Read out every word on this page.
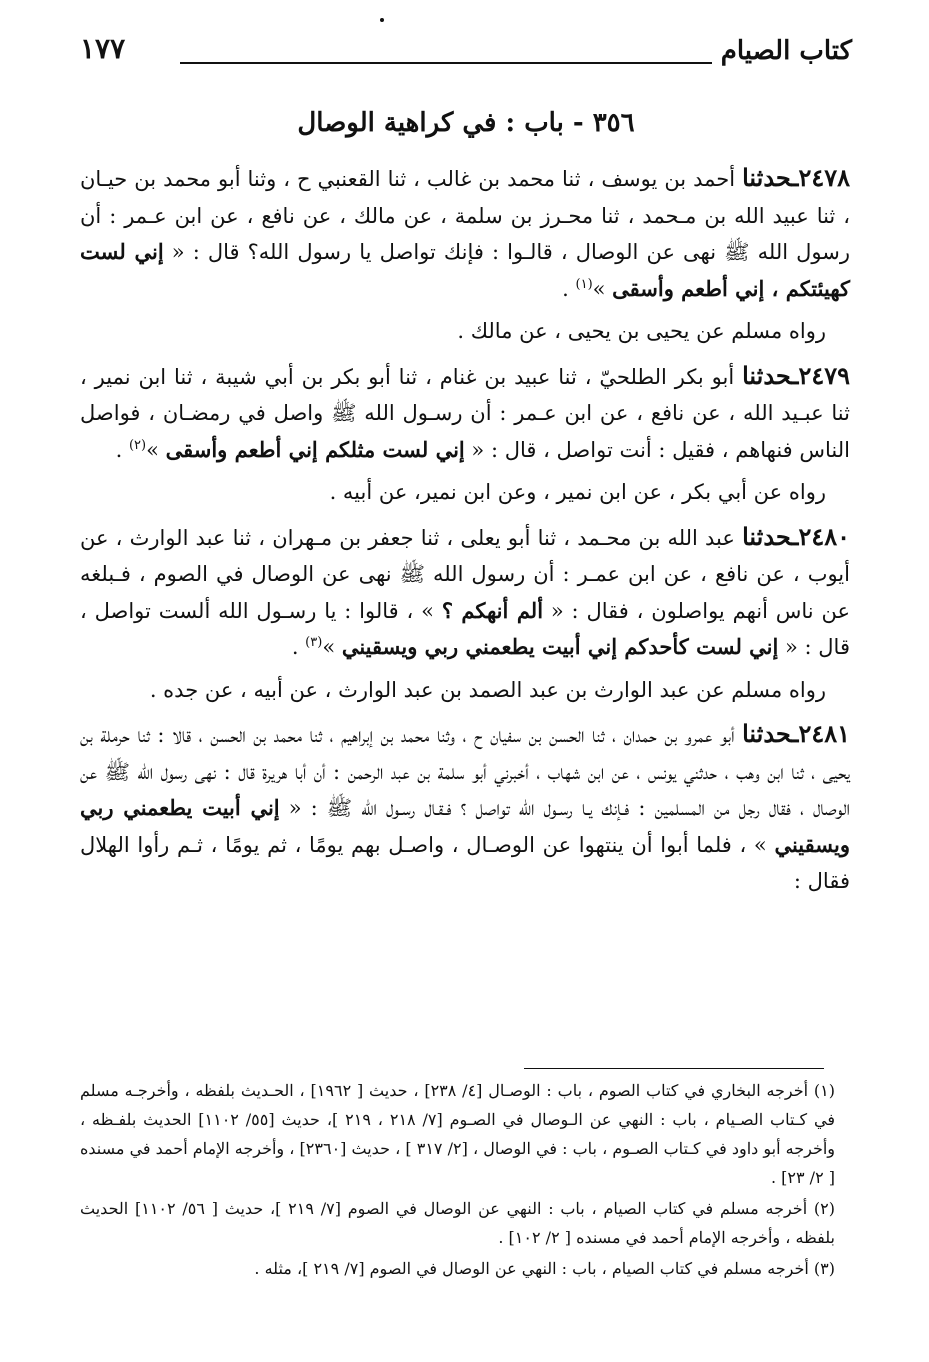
كتاب الصيام
١٧٧
٣٥٦ - باب : في كراهية الوصال

٢٤٧٨ـحدثنا أحمد بن يوسف ، ثنا محمد بن غالب ، ثنا القعنبي ح ، وثنا أبو محمد بن حيـان ، ثنا عبيد الله بن مـحمد ، ثنا محـرز بن سلمة ، عن مالك ، عن نافع ، عن ابن عـمر : أن رسول الله ﷺ نهى عن الوصال ، قالـوا : فإنك تواصل يا رسول الله؟ قال : « إني لست كهيئتكم ، إني أطعم وأسقى »$^{(١)}$ .

رواه مسلم عن يحيى بن يحيى ، عن مالك .

٢٤٧٩ـحدثنا أبو بكر الطلحيّ ، ثنا عبيد بن غنام ، ثنا أبو بكر بن أبي شيبة ، ثنا ابن نمير ، ثنا عبـيد الله ، عن نافع ، عن ابن عـمر : أن رسـول الله ﷺ واصل في رمضـان ، فواصل الناس فنهاهم ، فقيل : أنت تواصل ، قال : « إني لست مثلكم إني أطعم وأسقى »$^{(٢)}$ .

رواه عن أبي بكر ، عن ابن نمير ، وعن ابن نمير، عن أبيه .

٢٤٨٠ـحدثنا عبد الله بن محـمد ، ثنا أبو يعلى ، ثنا جعفر بن مـهران ، ثنا عبد الوارث ، عن أيوب ، عن نافع ، عن ابن عمـر : أن رسول الله ﷺ نهى عن الوصال في الصوم ، فـبلغه عن ناس أنهم يواصلون ، فقال : « ألم أنهكم ؟ » ، قالوا : يا رسـول الله ألست تواصل ، قال : « إني لست كأحدكم إني أبيت يطعمني ربي ويسقيني »$^{(٣)}$ .

رواه مسلم عن عبد الوارث بن عبد الصمد بن عبد الوارث ، عن أبيه ، عن جده .

٢٤٨١ـحدثنا أبو عمرو بن حمدان ، ثنا الحسن بن سفيان ح ، وثنا محمد بن إبراهيم ، ثنا محمد بن الحسن ، قالا : ثنا حرملة بن يحيى ، ثنا ابن وهب ، حدثني يونس ، عن ابن شهاب ، أخبرني أبو سلمة بن عبد الرحمن : أن أبا هريرة قال : نهى رسول الله ﷺ عن الوصال ، فقال رجل من المسلمين : فـإنك يـا رسـول الله تواصل ؟ فـقـال رسـول الله ﷺ : « إني أبيت يطعمني ربي ويسقيني » ، فلما أبوا أن ينتهوا عن الوصـال ، واصـل بهم يومًا ، ثم يومًا ، ثـم رأوا الهلال فقال :

(١) أخرجه البخاري في كتاب الصوم ، باب : الوصـال [٤/ ٢٣٨] ، حديث [ ١٩٦٢] ، الحـديث بلفظه ، وأخرجـه مسلم في كـتاب الصـيام ، باب : النهي عن الـوصال في الصـوم [٧/ ٢١٨ ، ٢١٩ ]، حديث [٥٥/ ١١٠٢] الحديث بلفـظه ، وأخرجه أبو داود في كـتاب الصـوم ، باب : في الوصال ، [٢/ ٣١٧ ] ، حديث [٢٣٦٠] ، وأخرجه الإمام أحمد في مسنده [ ٢/ ٢٣] .

(٢) أخرجه مسلم في كتاب الصيام ، باب : النهي عن الوصال في الصوم [٧/ ٢١٩ ]، حديث [ ٥٦/ ١١٠٢] الحديث بلفظه ، وأخرجه الإمام أحمد في مسنده [ ٢/ ١٠٢] .

(٣) أخرجه مسلم في كتاب الصيام ، باب : النهي عن الوصال في الصوم [٧/ ٢١٩ ]، مثله .
